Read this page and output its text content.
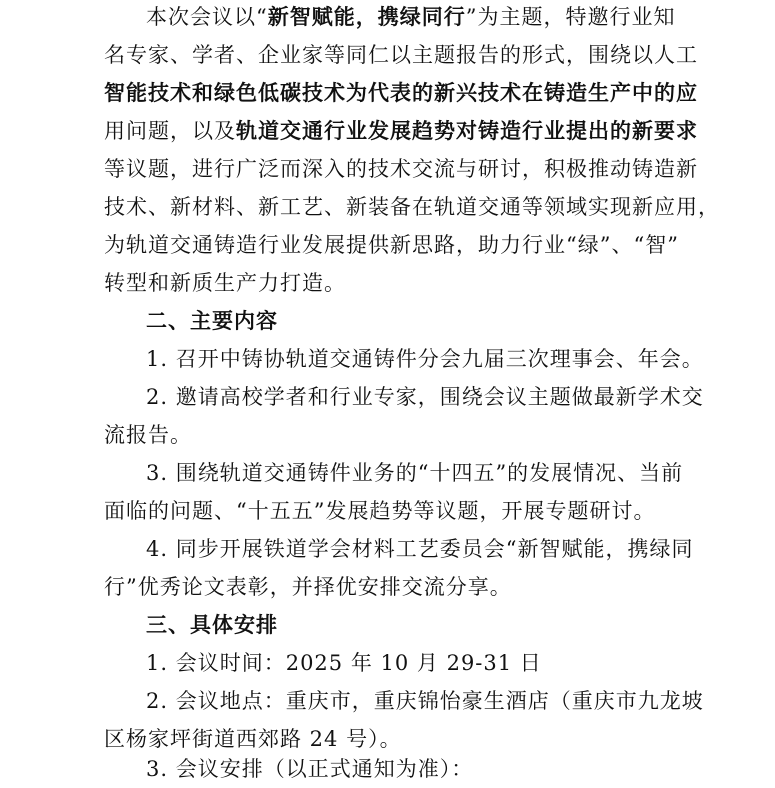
本次会议以“新智赋能，携绿同行”为主题，特邀行业知
名专家、学者、企业家等同仁以主题报告的形式，围绕以人工
智能技术和绿色低碳技术为代表的新兴技术在铸造生产中的应
用问题，以及轨道交通行业发展趋势对铸造行业提出的新要求
等议题，进行广泛而深入的技术交流与研讨，积极推动铸造新
技术、新材料、新工艺、新装备在轨道交通等领域实现新应用，
为轨道交通铸造行业发展提供新思路，助力行业“绿”、“智”
转型和新质生产力打造。
二、主要内容
1. 召开中铸协轨道交通铸件分会九届三次理事会、年会。
2. 邀请高校学者和行业专家，围绕会议主题做最新学术交
流报告。
3. 围绕轨道交通铸件业务的“十四五”的发展情况、当前
面临的问题、“十五五”发展趋势等议题，开展专题研讨。
4. 同步开展铁道学会材料工艺委员会“新智赋能，携绿同
行”优秀论文表彰，并择优安排交流分享。
三、具体安排
1. 会议时间：2025 年 10 月 29-31 日
2. 会议地点：重庆市，重庆锦怡豪生酒店（重庆市九龙坡
区杨家坪街道西郊路 24 号）。
3. 会议安排（以正式通知为准）：
